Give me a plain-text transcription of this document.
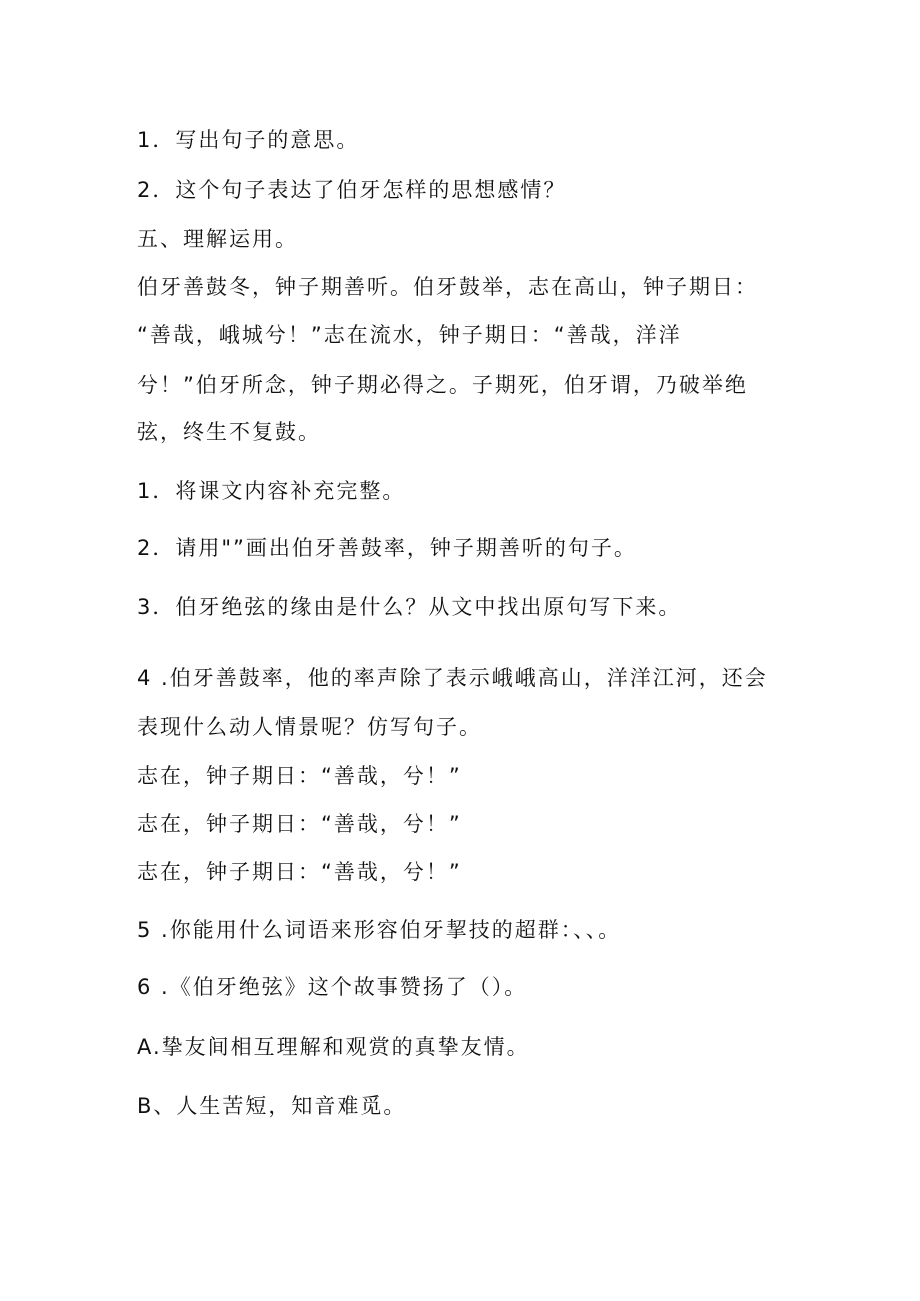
1．写出句子的意思。
2．这个句子表达了伯牙怎样的思想感情？
五、理解运用。
伯牙善鼓冬，钟子期善听。伯牙鼓举，志在高山，钟子期日：
“善哉，峨城兮！”志在流水，钟子期日：“善哉，洋洋
兮！”伯牙所念，钟子期必得之。子期死，伯牙谓，乃破举绝
弦，终生不复鼓。
1．将课文内容补充完整。
2．请用"”画出伯牙善鼓率，钟子期善听的句子。
3．伯牙绝弦的缘由是什么？从文中找出原句写下来。
4 .伯牙善鼓率，他的率声除了表示峨峨高山，洋洋江河，还会
表现什么动人情景呢？仿写句子。
志在，钟子期日：“善哉，兮！”
志在，钟子期日：“善哉，兮！”
志在，钟子期日：“善哉，兮！”
5 .你能用什么词语来形容伯牙挈技的超群：、、。
6 .《伯牙绝弦》这个故事赞扬了（）。
A.挚友间相互理解和观赏的真挚友情。
B、人生苦短，知音难觅。
